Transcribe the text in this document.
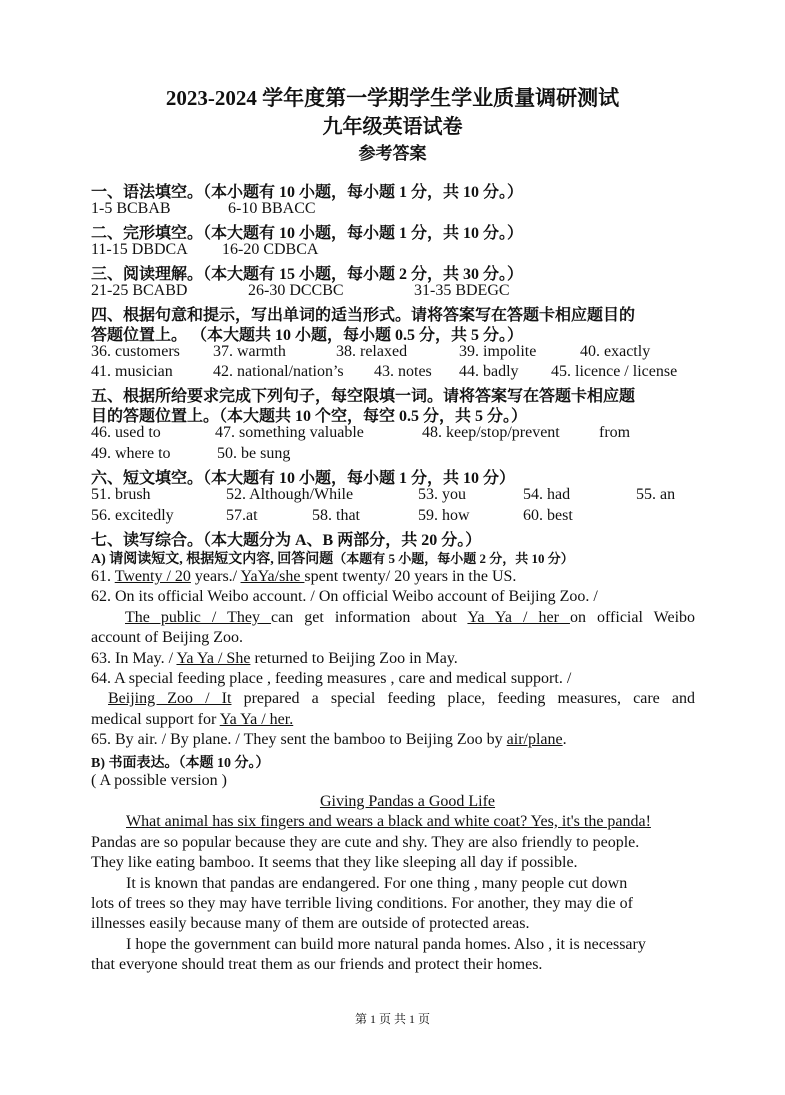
2023-2024 学年度第一学期学生学业质量调研测试
九年级英语试卷
参考答案
一、语法填空。（本小题有 10 小题，每小题 1 分，共 10 分。）
1-5 BCBAB	6-10 BBACC
二、完形填空。（本大题有 10 小题，每小题 1 分，共 10 分。）
11-15 DBDCA 16-20 CDBCA
三、阅读理解。（本大题有 15 小题，每小题 2 分，共 30 分。）
21-25 BCABD	26-30 DCCBC	31-35 BDEGC
四、根据句意和提示，写出单词的适当形式。请将答案写在答题卡相应题目的
答题位置上。 （本大题共 10 小题，每小题 0.5 分，共 5 分。）
36. customers 37. warmth	38. relaxed	39. impolite	40. exactly
41. musician	42. national/nation’s 43. notes 44. badly 45. licence / license
五、根据所给要求完成下列句子，每空限填一词。请将答案写在答题卡相应题
目的答题位置上。（本大题共 10 个空，每空 0.5 分，共 5 分。）
46. used to	47. something valuable	48. keep/stop/prevent from
49. where to	50. be sung
六、短文填空。（本大题有 10 小题，每小题 1 分，共 10 分）
51. brush	52. Although/While	53. you	54. had	55. an
56. excitedly	57.at	58. that	59. how	60. best
七、读写综合。（本大题分为 A、B 两部分，共 20 分。）
A) 请阅读短文, 根据短文内容, 回答问题（本题有 5 小题，每小题 2 分，共 10 分）
61. Twenty / 20 years./ YaYa/she spent twenty/ 20 years in the US.
62. On its official Weibo account. / On official Weibo account of Beijing Zoo. /
The public / They can get information about Ya Ya / her on official Weibo
account of Beijing Zoo.
63. In May. / Ya Ya / She returned to Beijing Zoo in May.
64. A special feeding place , feeding measures , care and medical support. /
Beijing Zoo / It prepared a special feeding place, feeding measures, care and
medical support for Ya Ya / her.
65. By air. / By plane. / They sent the bamboo to Beijing Zoo by air/plane.
B) 书面表达。（本题 10 分。）
( A possible version )
Giving Pandas a Good Life
What animal has six fingers and wears a black and white coat? Yes, it's the panda!
Pandas are so popular because they are cute and shy. They are also friendly to people.
They like eating bamboo. It seems that they like sleeping all day if possible.
It is known that pandas are endangered. For one thing , many people cut down
lots of trees so they may have terrible living conditions. For another, they may die of
illnesses easily because many of them are outside of protected areas.
I hope the government can build more natural panda homes. Also , it is necessary
that everyone should treat them as our friends and protect their homes.
第 1 页 共 1 页
